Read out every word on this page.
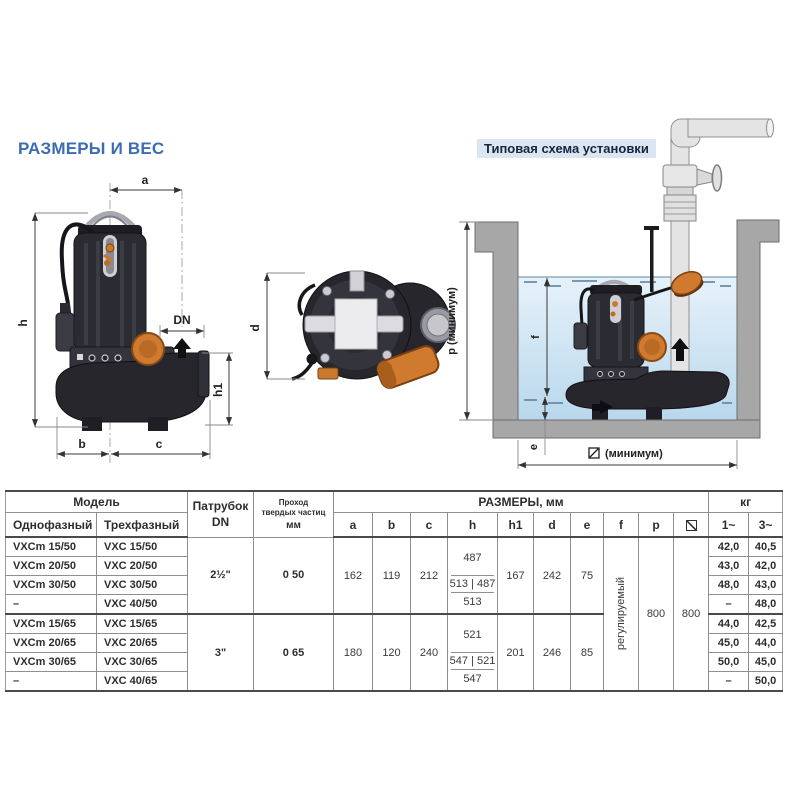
РАЗМЕРЫ И ВЕС	Типовая схема установки
a
h
b	c
h1
DN
d	р (минимум)	f
e
(минимум)
Модель	Патрубок
DN

Проход
твердых частиц
мм
	РАЗМЕРЫ, мм	кг
Однофазный	Трехфазный			a	b	c	h	h1	d	e	f	p		1~	3~
VXCm 15/50	VXC 15/50	2½"	0 50	162	119	212	487
513 | 487
513	167	242	75	регулируемый	800	800	42,0	40,5
VXCm 20/50	VXC 20/50													43,0	42,0
VXCm 30/50	VXC 30/50													48,0	43,0
–	VXC 40/50													–	48,0
VXCm 15/65	VXC 15/65	3"	0 65	180	120	240	521
547 | 521
547	201	246	85				44,0	42,5
VXCm 20/65	VXC 20/65													45,0	44,0
VXCm 30/65	VXC 30/65													50,0	45,0
–	VXC 40/65													–	50,0
